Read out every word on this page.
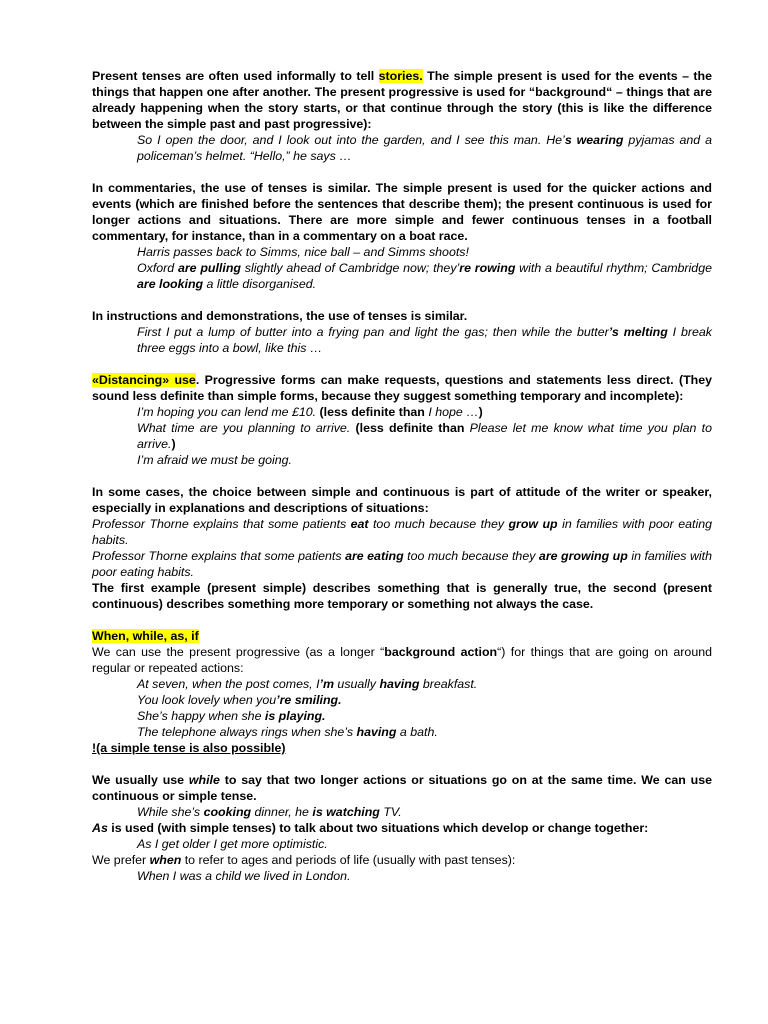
Present tenses are often used informally to tell stories. The simple present is used for the events – the things that happen one after another. The present progressive is used for “background“ – things that are already happening when the story starts, or that continue through the story (this is like the difference between the simple past and past progressive):

So I open the door, and I look out into the garden, and I see this man. He’s wearing pyjamas and a policeman’s helmet. “Hello,” he says …

In commentaries, the use of tenses is similar. The simple present is used for the quicker actions and events (which are finished before the sentences that describe them); the present continuous is used for longer actions and situations. There are more simple and fewer continuous tenses in a football commentary, for instance, than in a commentary on a boat race.

Harris passes back to Simms, nice ball – and Simms shoots!

Oxford are pulling slightly ahead of Cambridge now; they’re rowing with a beautiful rhythm; Cambridge are looking a little disorganised.

In instructions and demonstrations, the use of tenses is similar.

First I put a lump of butter into a frying pan and light the gas; then while the butter’s melting I break three eggs into a bowl, like this …

«Distancing» use. Progressive forms can make requests, questions and statements less direct. (They sound less definite than simple forms, because they suggest something temporary and incomplete):

I’m hoping you can lend me £10. (less definite than I hope …)

What time are you planning to arrive. (less definite than Please let me know what time you plan to arrive.)

I’m afraid we must be going.

In some cases, the choice between simple and continuous is part of attitude of the writer or speaker, especially in explanations and descriptions of situations:

Professor Thorne explains that some patients eat too much because they grow up in families with poor eating habits.

Professor Thorne explains that some patients are eating too much because they are growing up in families with poor eating habits.

The first example (present simple) describes something that is generally true, the second (present continuous) describes something more temporary or something not always the case.

When, while, as, if

We can use the present progressive (as a longer “background action“) for things that are going on around regular or repeated actions:

At seven, when the post comes, I’m usually having breakfast.

You look lovely when you’re smiling.

She’s happy when she is playing.

The telephone always rings when she’s having a bath.

!(a simple tense is also possible)

We usually use while to say that two longer actions or situations go on at the same time. We can use continuous or simple tense.

While she’s cooking dinner, he is watching TV.

As is used (with simple tenses) to talk about two situations which develop or change together:

As I get older I get more optimistic.

We prefer when to refer to ages and periods of life (usually with past tenses):

When I was a child we lived in London.
